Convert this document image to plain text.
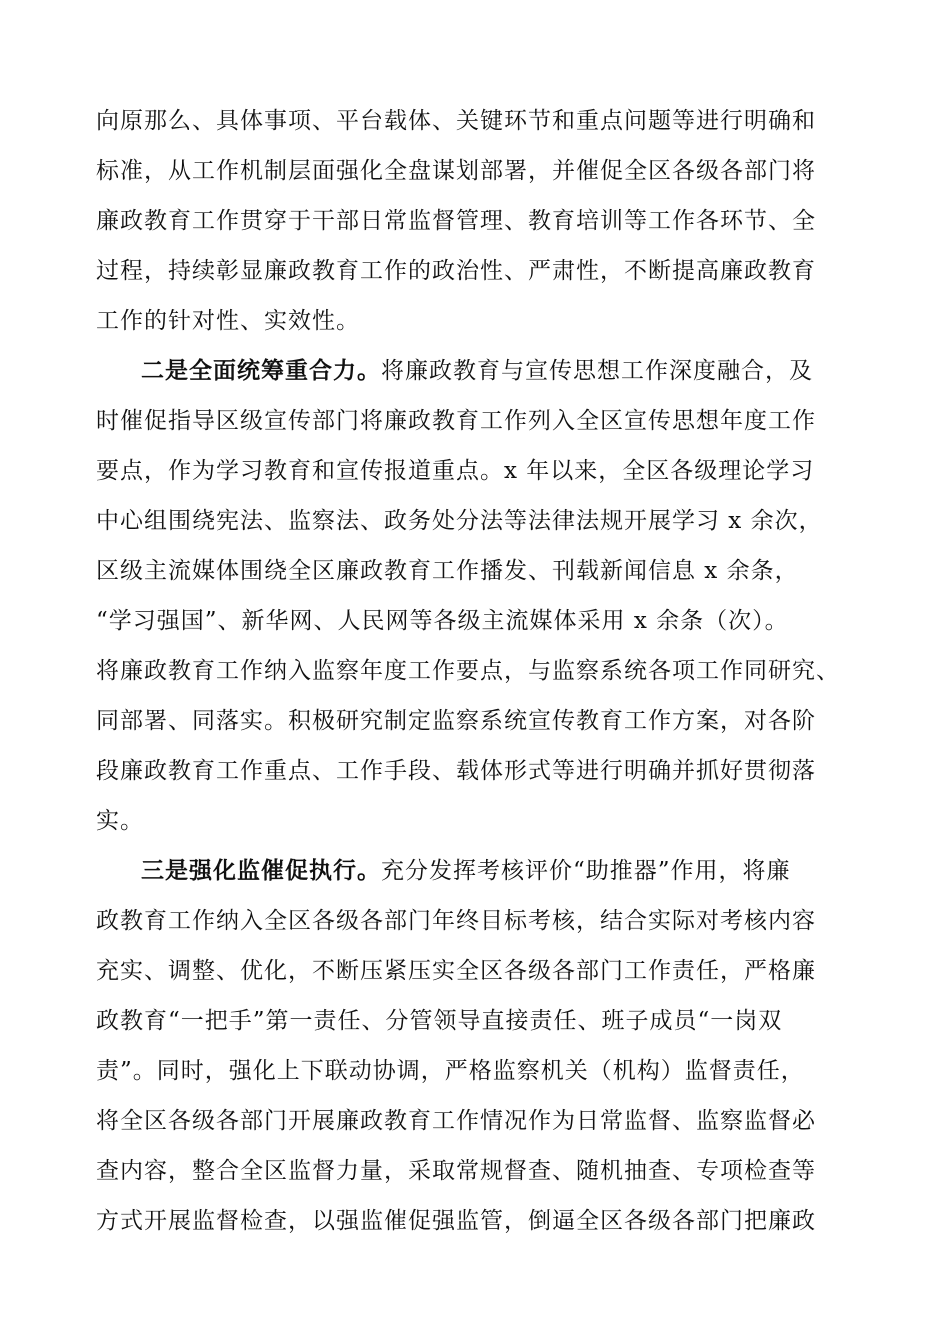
向原那么、具体事项、平台载体、关键环节和重点问题等进行明确和
标准，从工作机制层面强化全盘谋划部署，并催促全区各级各部门将
廉政教育工作贯穿于干部日常监督管理、教育培训等工作各环节、全
过程，持续彰显廉政教育工作的政治性、严肃性，不断提高廉政教育
工作的针对性、实效性。
二是全面统筹重合力。将廉政教育与宣传思想工作深度融合，及
时催促指导区级宣传部门将廉政教育工作列入全区宣传思想年度工作
要点，作为学习教育和宣传报道重点。x 年以来，全区各级理论学习
中心组围绕宪法、监察法、政务处分法等法律法规开展学习 x 余次，
区级主流媒体围绕全区廉政教育工作播发、刊载新闻信息 x 余条，
“学习强国”、新华网、人民网等各级主流媒体采用 x 余条（次）。
将廉政教育工作纳入监察年度工作要点，与监察系统各项工作同研究、
同部署、同落实。积极研究制定监察系统宣传教育工作方案，对各阶
段廉政教育工作重点、工作手段、载体形式等进行明确并抓好贯彻落
实。
三是强化监催促执行。充分发挥考核评价“助推器”作用，将廉
政教育工作纳入全区各级各部门年终目标考核，结合实际对考核内容
充实、调整、优化，不断压紧压实全区各级各部门工作责任，严格廉
政教育“一把手”第一责任、分管领导直接责任、班子成员“一岗双
责”。同时，强化上下联动协调，严格监察机关（机构）监督责任，
将全区各级各部门开展廉政教育工作情况作为日常监督、监察监督必
查内容，整合全区监督力量，采取常规督查、随机抽查、专项检查等
方式开展监督检查，以强监催促强监管，倒逼全区各级各部门把廉政
